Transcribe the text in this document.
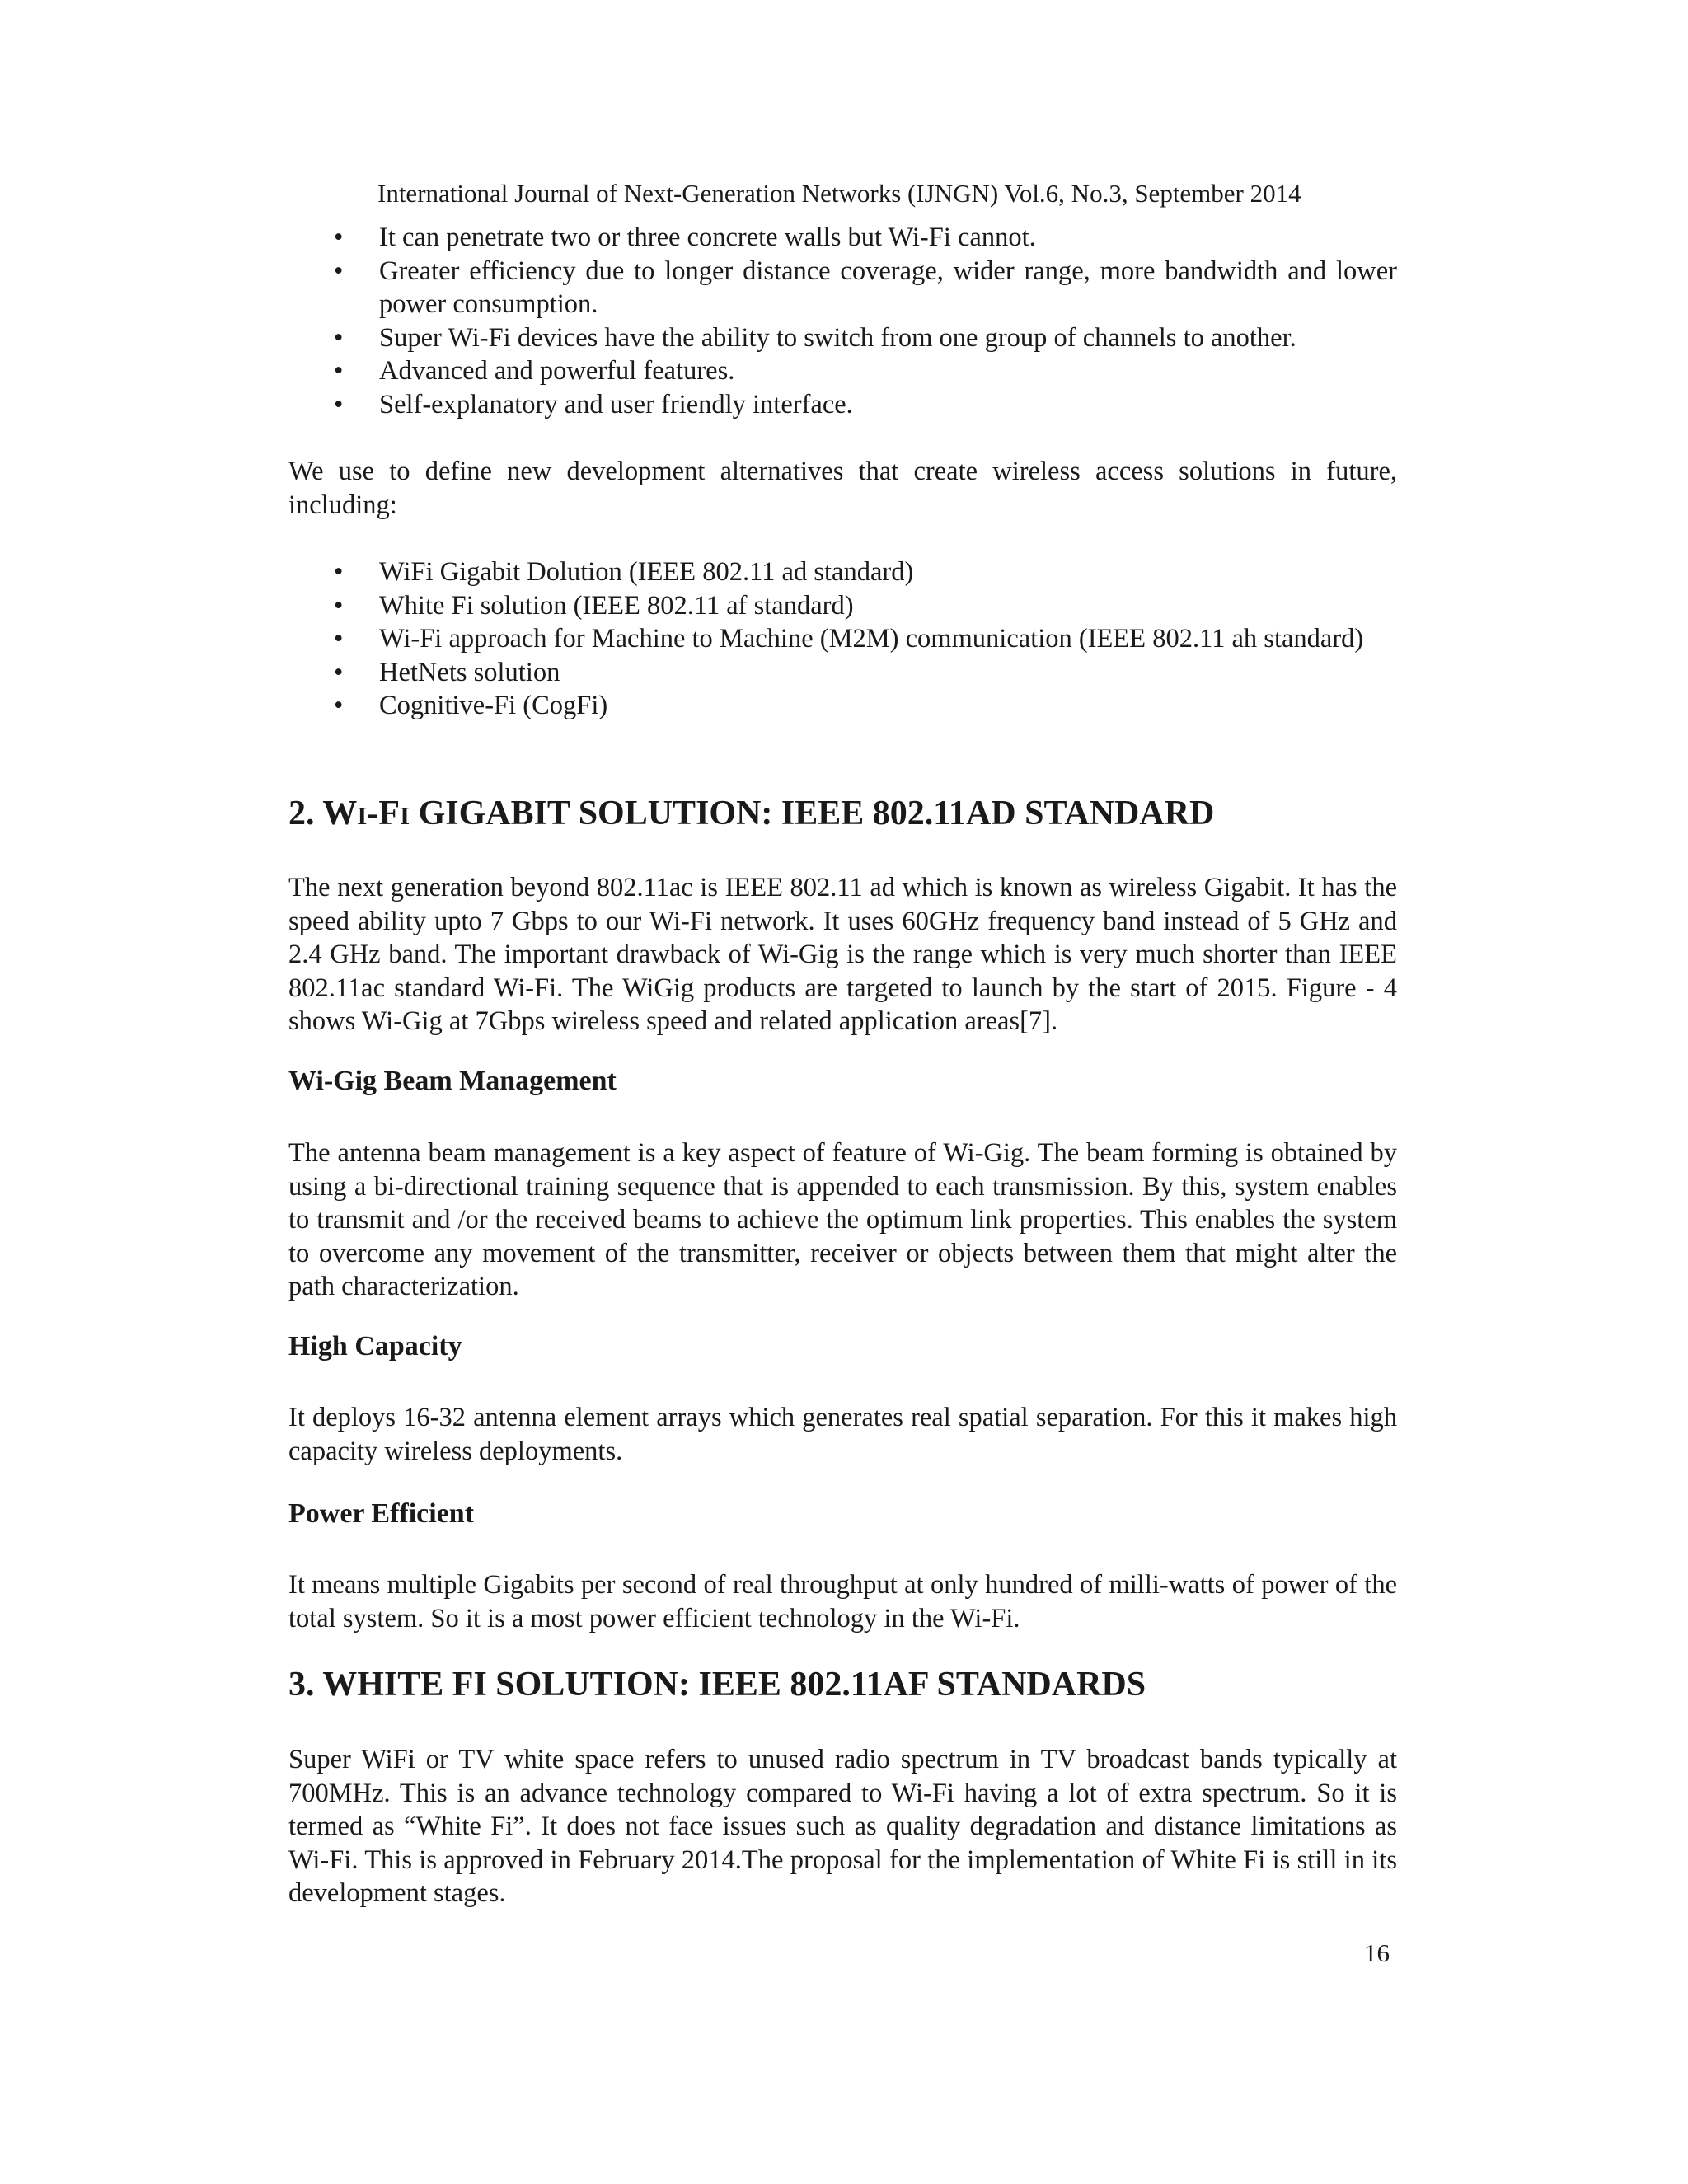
International Journal of Next-Generation Networks (IJNGN) Vol.6, No.3, September 2014
• It can penetrate two or three concrete walls but Wi-Fi cannot.
• Greater efficiency due to longer distance coverage, wider range, more bandwidth and lower power consumption.
• Super Wi-Fi devices have the ability to switch from one group of channels to another.
• Advanced and powerful features.
• Self-explanatory and user friendly interface.

We use to define new development alternatives that create wireless access solutions in future, including:

• WiFi Gigabit Dolution (IEEE 802.11 ad standard)
• White Fi solution (IEEE 802.11 af standard)
• Wi-Fi approach for Machine to Machine (M2M) communication (IEEE 802.11 ah standard)
• HetNets solution
• Cognitive-Fi (CogFi)
2. WI-FI GIGABIT SOLUTION: IEEE 802.11AD STANDARD

The next generation beyond 802.11ac is IEEE 802.11 ad which is known as wireless Gigabit. It has the speed ability upto 7 Gbps to our Wi-Fi network. It uses 60GHz frequency band instead of 5 GHz and 2.4 GHz band. The important drawback of Wi-Gig is the range which is very much shorter than IEEE 802.11ac standard Wi-Fi. The WiGig products are targeted to launch by the start of 2015. Figure - 4 shows Wi-Gig at 7Gbps wireless speed and related application areas[7].

Wi-Gig Beam Management

The antenna beam management is a key aspect of feature of Wi-Gig. The beam forming is obtained by using a bi-directional training sequence that is appended to each transmission. By this, system enables to transmit and /or the received beams to achieve the optimum link properties. This enables the system to overcome any movement of the transmitter, receiver or objects between them that might alter the path characterization.

High Capacity

It deploys 16-32 antenna element arrays which generates real spatial separation. For this it makes high capacity wireless deployments.

Power Efficient

It means multiple Gigabits per second of real throughput at only hundred of milli-watts of power of the total system. So it is a most power efficient technology in the Wi-Fi.

3. WHITE FI SOLUTION: IEEE 802.11AF STANDARDS

Super WiFi or TV white space refers to unused radio spectrum in TV broadcast bands typically at 700MHz. This is an advance technology compared to Wi-Fi having a lot of extra spectrum. So it is termed as “White Fi”. It does not face issues such as quality degradation and distance limitations as Wi-Fi. This is approved in February 2014.The proposal for the implementation of White Fi is still in its development stages.

16
